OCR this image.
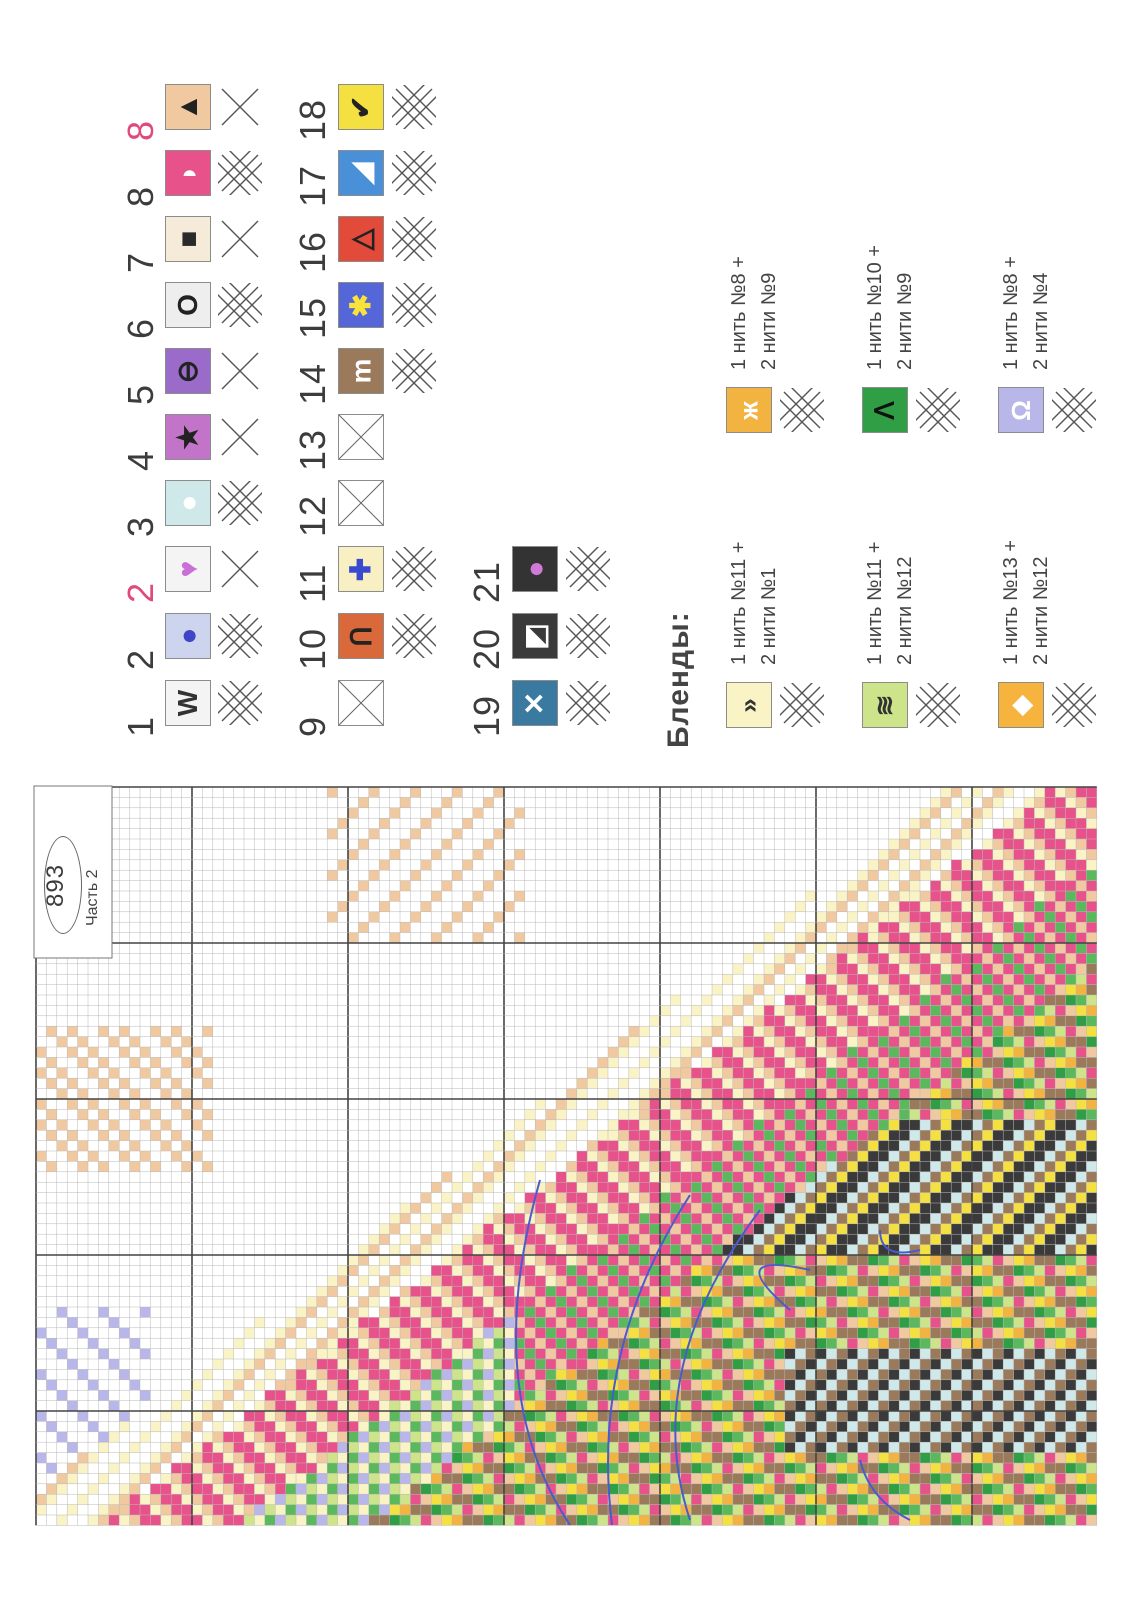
893 Часть 2
Бленды:
1
W
2
●
2
♥
3
●
4
★
5
⊖
6
O
7
■
8
◗
8
▲
9
10 Ո
11 ✚
12
13
14 m
15 ✱
16 △
17 ◢
18 ✔
19 ✕
20 ◩
21 ●
»
1 нить №11 + 2 нити №1
ж
1 нить №8 + 2 нити №9
≋
1 нить №11 + 2 нити №12
ᐱ
1 нить №10 + 2 нити №9
◆
1 нить №13 + 2 нити №12
Ω
1 нить №8 + 2 нити №4
